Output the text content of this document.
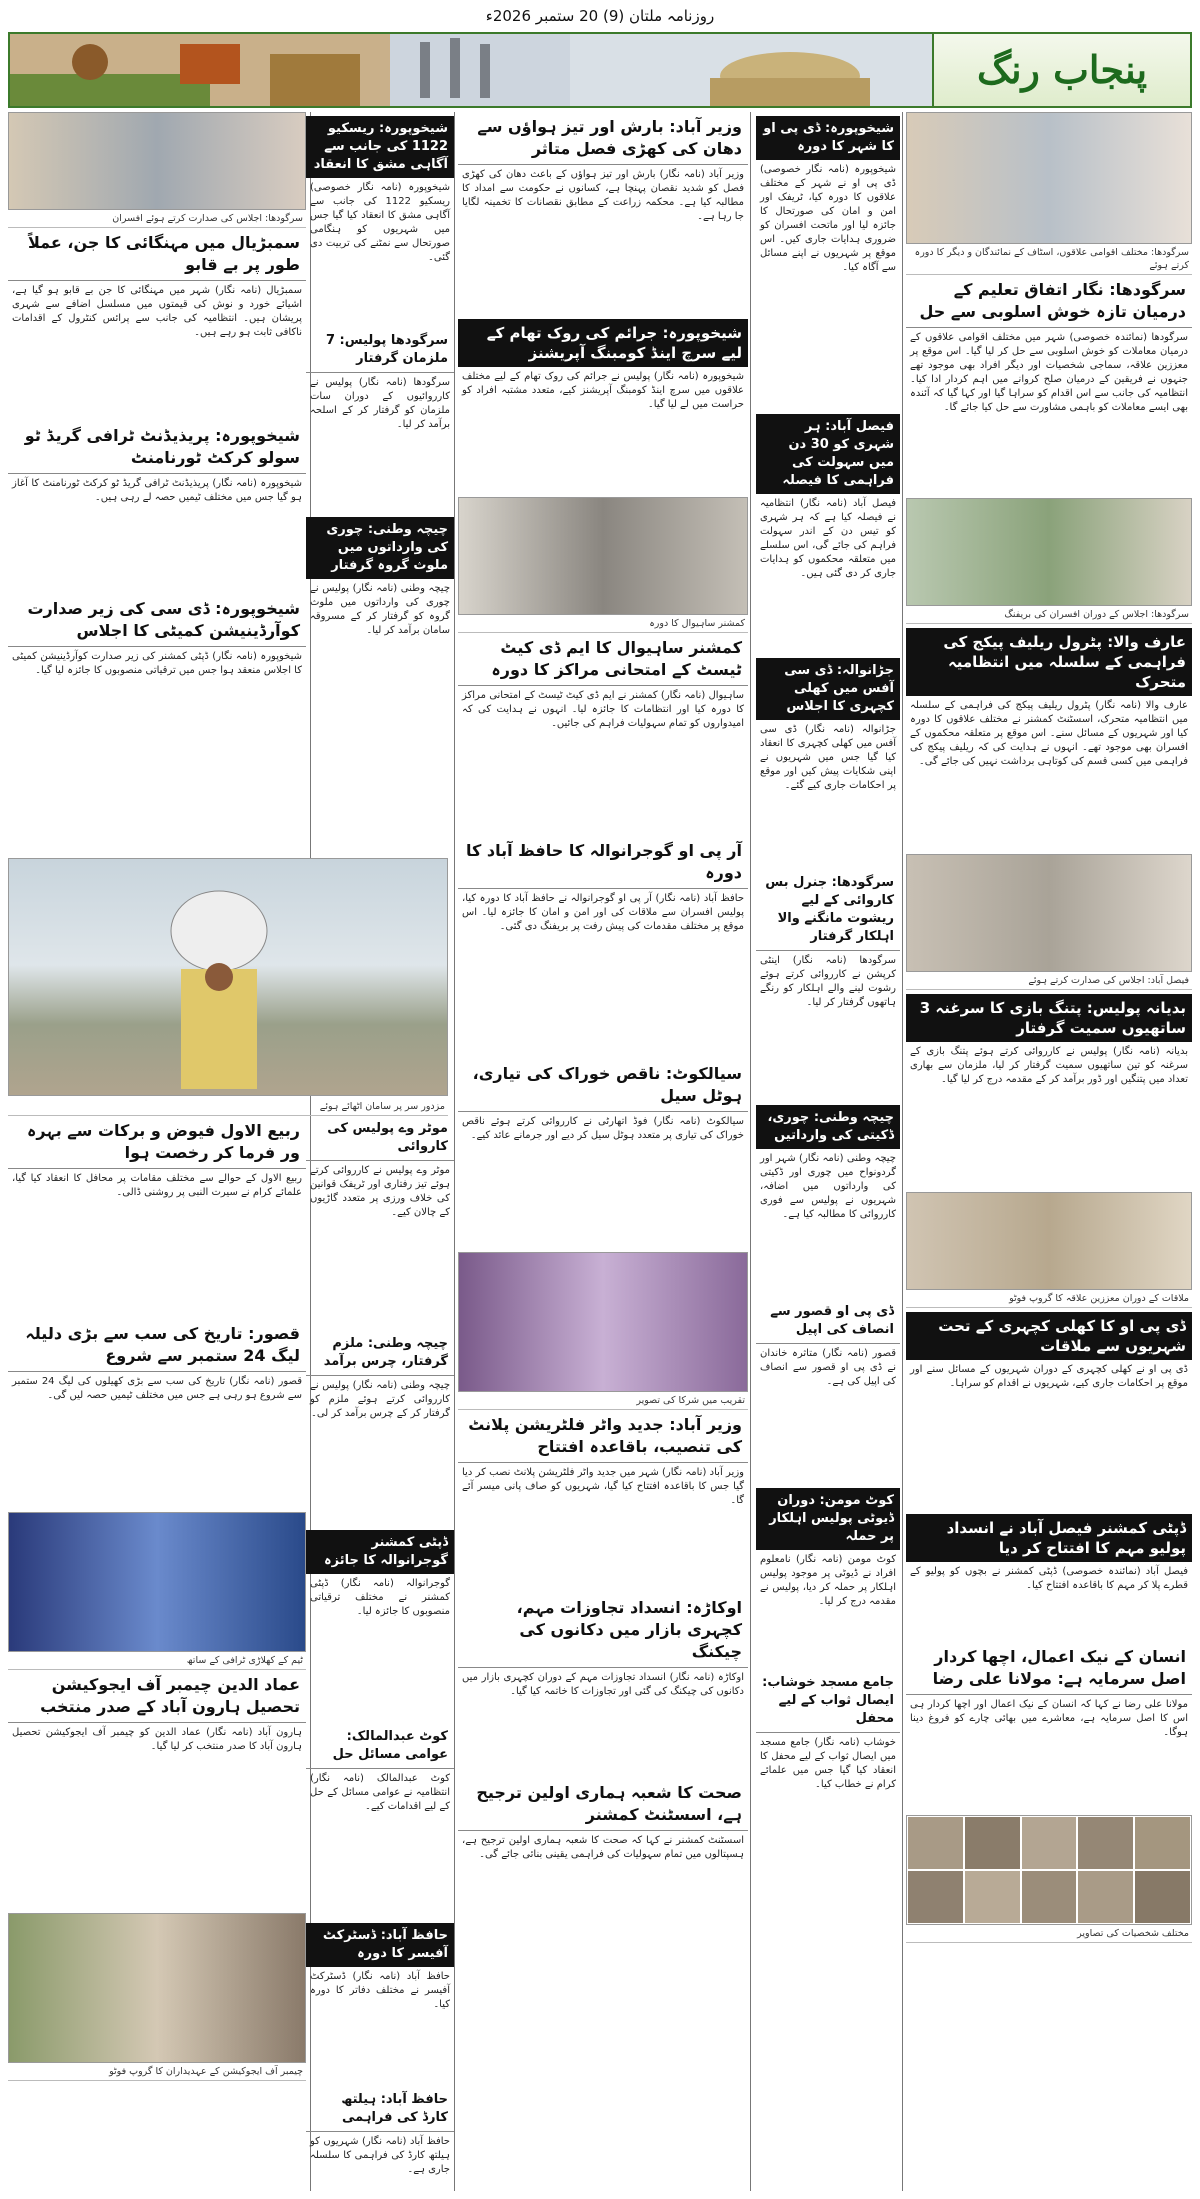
روزنامہ ملتان (9) 20 ستمبر 2026ء
پنجاب رنگ
سرگودھا: مختلف اقوامی علاقوں، اسٹاف کے نمائندگان و دیگر کا دورہ کرتے ہوئے
سرگودھا: نگار اتفاق تعلیم کے درمیان تازہ خوش اسلوبی سے حل
سرگودھا (نمائندہ خصوصی) شہر میں مختلف اقوامی علاقوں کے درمیان معاملات کو خوش اسلوبی سے حل کر لیا گیا۔ اس موقع پر معززین علاقہ، سماجی شخصیات اور دیگر افراد بھی موجود تھے جنہوں نے فریقین کے درمیان صلح کروانے میں اہم کردار ادا کیا۔ انتظامیہ کی جانب سے اس اقدام کو سراہا گیا اور کہا گیا کہ آئندہ بھی ایسے معاملات کو باہمی مشاورت سے حل کیا جائے گا۔
سرگودھا: اجلاس کے دوران افسران کی بریفنگ
عارف والا: پٹرول ریلیف پیکج کی فراہمی کے سلسلہ میں انتظامیہ متحرک
عارف والا (نامہ نگار) پٹرول ریلیف پیکج کی فراہمی کے سلسلہ میں انتظامیہ متحرک، اسسٹنٹ کمشنر نے مختلف علاقوں کا دورہ کیا اور شہریوں کے مسائل سنے۔ اس موقع پر متعلقہ محکموں کے افسران بھی موجود تھے۔ انہوں نے ہدایت کی کہ ریلیف پیکج کی فراہمی میں کسی قسم کی کوتاہی برداشت نہیں کی جائے گی۔
فیصل آباد: اجلاس کی صدارت کرتے ہوئے
بدیانہ پولیس: پتنگ بازی کا سرغنہ 3 ساتھیوں سمیت گرفتار
بدیانہ (نامہ نگار) پولیس نے کارروائی کرتے ہوئے پتنگ بازی کے سرغنہ کو تین ساتھیوں سمیت گرفتار کر لیا، ملزمان سے بھاری تعداد میں پتنگیں اور ڈور برآمد کر کے مقدمہ درج کر لیا گیا۔
ملاقات کے دوران معززین علاقہ کا گروپ فوٹو
ڈی پی او کا کھلی کچہری کے تحت شہریوں سے ملاقات
ڈی پی او نے کھلی کچہری کے دوران شہریوں کے مسائل سنے اور موقع پر احکامات جاری کیے، شہریوں نے اقدام کو سراہا۔
ڈپٹی کمشنر فیصل آباد نے انسداد پولیو مہم کا افتتاح کر دیا
فیصل آباد (نمائندہ خصوصی) ڈپٹی کمشنر نے بچوں کو پولیو کے قطرے پلا کر مہم کا باقاعدہ افتتاح کیا۔
انسان کے نیک اعمال، اچھا کردار اصل سرمایہ ہے: مولانا علی رضا
مولانا علی رضا نے کہا کہ انسان کے نیک اعمال اور اچھا کردار ہی اس کا اصل سرمایہ ہے، معاشرے میں بھائی چارے کو فروغ دینا ہوگا۔
مختلف شخصیات کی تصاویر
شیخوپورہ: ڈی پی او کا شہر کا دورہ
شیخوپورہ (نامہ نگار خصوصی) ڈی پی او نے شہر کے مختلف علاقوں کا دورہ کیا، ٹریفک اور امن و امان کی صورتحال کا جائزہ لیا اور ماتحت افسران کو ضروری ہدایات جاری کیں۔ اس موقع پر شہریوں نے اپنے مسائل سے آگاہ کیا۔
فیصل آباد: ہر شہری کو 30 دن میں سہولت کی فراہمی کا فیصلہ
فیصل آباد (نامہ نگار) انتظامیہ نے فیصلہ کیا ہے کہ ہر شہری کو تیس دن کے اندر سہولت فراہم کی جائے گی، اس سلسلے میں متعلقہ محکموں کو ہدایات جاری کر دی گئی ہیں۔
جڑانوالہ: ڈی سی آفس میں کھلی کچہری کا اجلاس
جڑانوالہ (نامہ نگار) ڈی سی آفس میں کھلی کچہری کا انعقاد کیا گیا جس میں شہریوں نے اپنی شکایات پیش کیں اور موقع پر احکامات جاری کیے گئے۔
سرگودھا: جنرل بس کاروائی کے لیے ریشوت مانگنے والا اہلکار گرفتار
سرگودھا (نامہ نگار) اینٹی کرپشن نے کارروائی کرتے ہوئے رشوت لینے والے اہلکار کو رنگے ہاتھوں گرفتار کر لیا۔
چیچہ وطنی: چوری، ڈکیتی کی وارداتیں
چیچہ وطنی (نامہ نگار) شہر اور گردونواح میں چوری اور ڈکیتی کی وارداتوں میں اضافہ، شہریوں نے پولیس سے فوری کارروائی کا مطالبہ کیا ہے۔
ڈی پی او قصور سے انصاف کی اپیل
قصور (نامہ نگار) متاثرہ خاندان نے ڈی پی او قصور سے انصاف کی اپیل کی ہے۔
کوٹ مومن: دوران ڈیوٹی پولیس اہلکار پر حملہ
کوٹ مومن (نامہ نگار) نامعلوم افراد نے ڈیوٹی پر موجود پولیس اہلکار پر حملہ کر دیا، پولیس نے مقدمہ درج کر لیا۔
جامع مسجد خوشاب: ایصال ثواب کے لیے محفل
خوشاب (نامہ نگار) جامع مسجد میں ایصال ثواب کے لیے محفل کا انعقاد کیا گیا جس میں علمائے کرام نے خطاب کیا۔
وزیر آباد: بارش اور تیز ہواؤں سے دھان کی کھڑی فصل متاثر
وزیر آباد (نامہ نگار) بارش اور تیز ہواؤں کے باعث دھان کی کھڑی فصل کو شدید نقصان پہنچا ہے، کسانوں نے حکومت سے امداد کا مطالبہ کیا ہے۔ محکمہ زراعت کے مطابق نقصانات کا تخمینہ لگایا جا رہا ہے۔
شیخوپورہ: جرائم کی روک تھام کے لیے سرچ اینڈ کومبنگ آپریشنز
شیخوپورہ (نامہ نگار) پولیس نے جرائم کی روک تھام کے لیے مختلف علاقوں میں سرچ اینڈ کومبنگ آپریشنز کیے، متعدد مشتبہ افراد کو حراست میں لے لیا گیا۔
کمشنر ساہیوال کا دورہ
کمشنر ساہیوال کا ایم ڈی کیٹ ٹیسٹ کے امتحانی مراکز کا دورہ
ساہیوال (نامہ نگار) کمشنر نے ایم ڈی کیٹ ٹیسٹ کے امتحانی مراکز کا دورہ کیا اور انتظامات کا جائزہ لیا۔ انہوں نے ہدایت کی کہ امیدواروں کو تمام سہولیات فراہم کی جائیں۔
آر پی او گوجرانوالہ کا حافظ آباد کا دورہ
حافظ آباد (نامہ نگار) آر پی او گوجرانوالہ نے حافظ آباد کا دورہ کیا، پولیس افسران سے ملاقات کی اور امن و امان کا جائزہ لیا۔ اس موقع پر مختلف مقدمات کی پیش رفت پر بریفنگ دی گئی۔
سیالکوٹ: ناقص خوراک کی تیاری، ہوٹل سیل
سیالکوٹ (نامہ نگار) فوڈ اتھارٹی نے کارروائی کرتے ہوئے ناقص خوراک کی تیاری پر متعدد ہوٹل سیل کر دیے اور جرمانے عائد کیے۔
تقریب میں شرکا کی تصویر
وزیر آباد: جدید واٹر فلٹریشن پلانٹ کی تنصیب، باقاعدہ افتتاح
وزیر آباد (نامہ نگار) شہر میں جدید واٹر فلٹریشن پلانٹ نصب کر دیا گیا جس کا باقاعدہ افتتاح کیا گیا، شہریوں کو صاف پانی میسر آئے گا۔
اوکاڑہ: انسداد تجاوزات مہم، کچہری بازار میں دکانوں کی چیکنگ
اوکاڑہ (نامہ نگار) انسداد تجاوزات مہم کے دوران کچہری بازار میں دکانوں کی چیکنگ کی گئی اور تجاوزات کا خاتمہ کیا گیا۔
صحت کا شعبہ ہماری اولین ترجیح ہے، اسسٹنٹ کمشنر
اسسٹنٹ کمشنر نے کہا کہ صحت کا شعبہ ہماری اولین ترجیح ہے، ہسپتالوں میں تمام سہولیات کی فراہمی یقینی بنائی جائے گی۔
شیخوپورہ: ریسکیو 1122 کی جانب سے آگاہی مشق کا انعقاد
شیخوپورہ (نامہ نگار خصوصی) ریسکیو 1122 کی جانب سے آگاہی مشق کا انعقاد کیا گیا جس میں شہریوں کو ہنگامی صورتحال سے نمٹنے کی تربیت دی گئی۔
سرگودھا پولیس: 7 ملزمان گرفتار
سرگودھا (نامہ نگار) پولیس نے کارروائیوں کے دوران سات ملزمان کو گرفتار کر کے اسلحہ برآمد کر لیا۔
چیچہ وطنی: چوری کی وارداتوں میں ملوث گروہ گرفتار
چیچہ وطنی (نامہ نگار) پولیس نے چوری کی وارداتوں میں ملوث گروہ کو گرفتار کر کے مسروقہ سامان برآمد کر لیا۔
سرگودھا: اجلاس کی صدارت کرتے ہوئے افسران
سمبڑیال میں مہنگائی کا جن، عملاً طور پر بے قابو
سمبڑیال (نامہ نگار) شہر میں مہنگائی کا جن بے قابو ہو گیا ہے، اشیائے خورد و نوش کی قیمتوں میں مسلسل اضافے سے شہری پریشان ہیں۔ انتظامیہ کی جانب سے پرائس کنٹرول کے اقدامات ناکافی ثابت ہو رہے ہیں۔
شیخوپورہ: پریذیڈنٹ ٹرافی گریڈ ٹو سولو کرکٹ ٹورنامنٹ
شیخوپورہ (نامہ نگار) پریذیڈنٹ ٹرافی گریڈ ٹو کرکٹ ٹورنامنٹ کا آغاز ہو گیا جس میں مختلف ٹیمیں حصہ لے رہی ہیں۔
شیخوپورہ: ڈی سی کی زیر صدارت کوآرڈینیشن کمیٹی کا اجلاس
شیخوپورہ (نامہ نگار) ڈپٹی کمشنر کی زیر صدارت کوآرڈینیشن کمیٹی کا اجلاس منعقد ہوا جس میں ترقیاتی منصوبوں کا جائزہ لیا گیا۔
مزدور سر پر سامان اٹھائے ہوئے
موٹر وے پولیس کی کاروائی
موٹر وے پولیس نے کارروائی کرتے ہوئے تیز رفتاری اور ٹریفک قوانین کی خلاف ورزی پر متعدد گاڑیوں کے چالان کیے۔
چیچہ وطنی: ملزم گرفتار، چرس برآمد
چیچہ وطنی (نامہ نگار) پولیس نے کارروائی کرتے ہوئے ملزم کو گرفتار کر کے چرس برآمد کر لی۔
ڈپٹی کمشنر گوجرانوالہ کا جائزہ
گوجرانوالہ (نامہ نگار) ڈپٹی کمشنر نے مختلف ترقیاتی منصوبوں کا جائزہ لیا۔
کوٹ عبدالمالک: عوامی مسائل حل
کوٹ عبدالمالک (نامہ نگار) انتظامیہ نے عوامی مسائل کے حل کے لیے اقدامات کیے۔
حافظ آباد: ڈسٹرکٹ آفیسر کا دورہ
حافظ آباد (نامہ نگار) ڈسٹرکٹ آفیسر نے مختلف دفاتر کا دورہ کیا۔
حافظ آباد: ہیلتھ کارڈ کی فراہمی
حافظ آباد (نامہ نگار) شہریوں کو ہیلتھ کارڈ کی فراہمی کا سلسلہ جاری ہے۔
ربیع الاول فیوض و برکات سے بہرہ ور فرما کر رخصت ہوا
ربیع الاول کے حوالے سے مختلف مقامات پر محافل کا انعقاد کیا گیا، علمائے کرام نے سیرت النبی پر روشنی ڈالی۔
قصور: تاریخ کی سب سے بڑی دلیلہ لیگ 24 ستمبر سے شروع
قصور (نامہ نگار) تاریخ کی سب سے بڑی کھیلوں کی لیگ 24 ستمبر سے شروع ہو رہی ہے جس میں مختلف ٹیمیں حصہ لیں گی۔
ٹیم کے کھلاڑی ٹرافی کے ساتھ
عماد الدین چیمبر آف ایجوکیشن تحصیل ہارون آباد کے صدر منتخب
ہارون آباد (نامہ نگار) عماد الدین کو چیمبر آف ایجوکیشن تحصیل ہارون آباد کا صدر منتخب کر لیا گیا۔
چیمبر آف ایجوکیشن کے عہدیداران کا گروپ فوٹو
